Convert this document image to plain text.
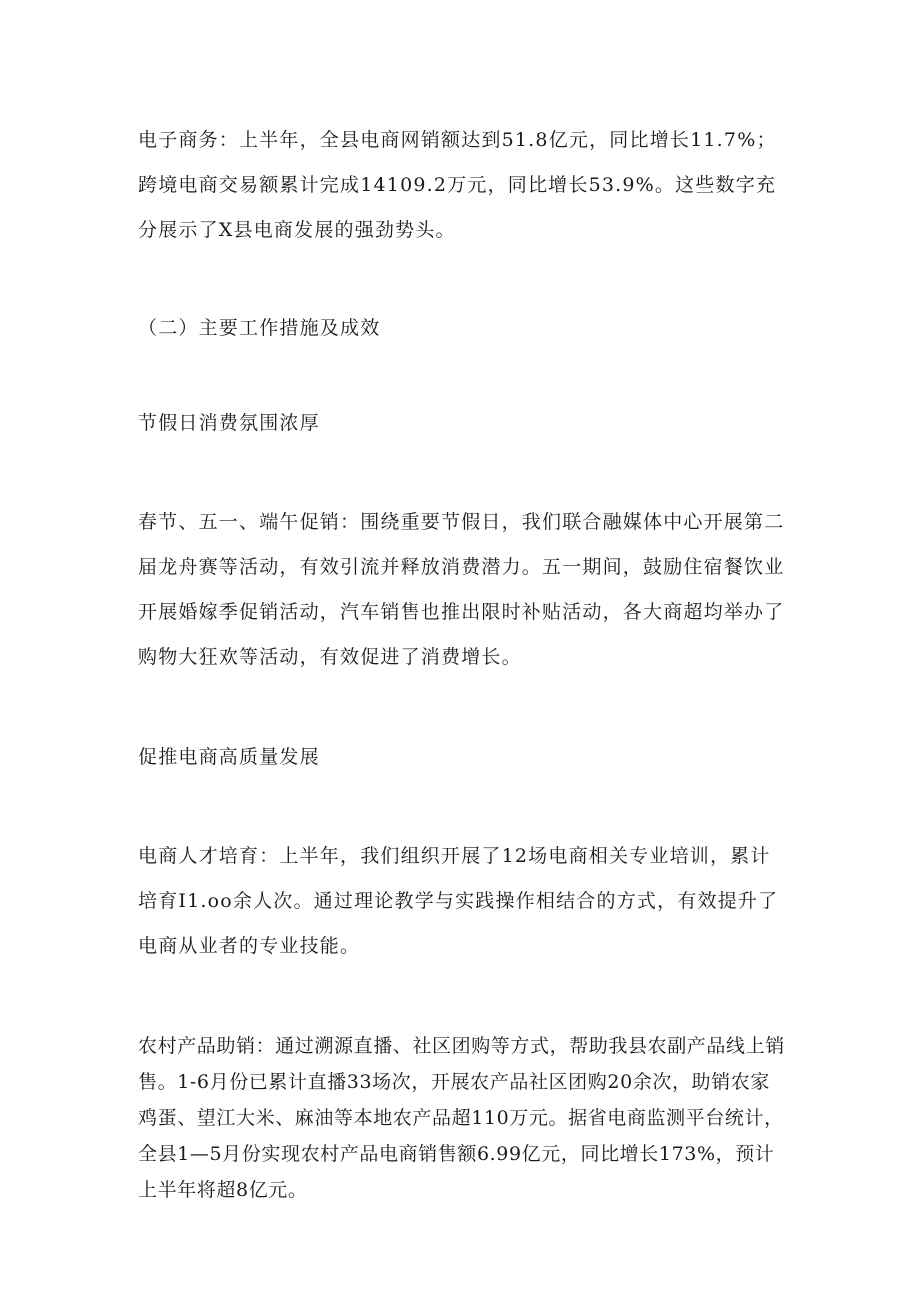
电子商务：上半年，全县电商网销额达到51.8亿元，同比增长11.7%；跨境电商交易额累计完成14109.2万元，同比增长53.9%。这些数字充分展示了X县电商发展的强劲势头。

（二）主要工作措施及成效

节假日消费氛围浓厚

春节、五一、端午促销：围绕重要节假日，我们联合融媒体中心开展第二届龙舟赛等活动，有效引流并释放消费潜力。五一期间，鼓励住宿餐饮业开展婚嫁季促销活动，汽车销售也推出限时补贴活动，各大商超均举办了购物大狂欢等活动，有效促进了消费增长。

促推电商高质量发展

电商人才培育：上半年，我们组织开展了12场电商相关专业培训，累计培育I1.oo余人次。通过理论教学与实践操作相结合的方式，有效提升了电商从业者的专业技能。

农村产品助销：通过溯源直播、社区团购等方式，帮助我县农副产品线上销售。1-6月份已累计直播33场次，开展农产品社区团购20余次，助销农家鸡蛋、望江大米、麻油等本地农产品超110万元。据省电商监测平台统计，全县1—5月份实现农村产品电商销售额6.99亿元，同比增长173%，预计上半年将超8亿元。
